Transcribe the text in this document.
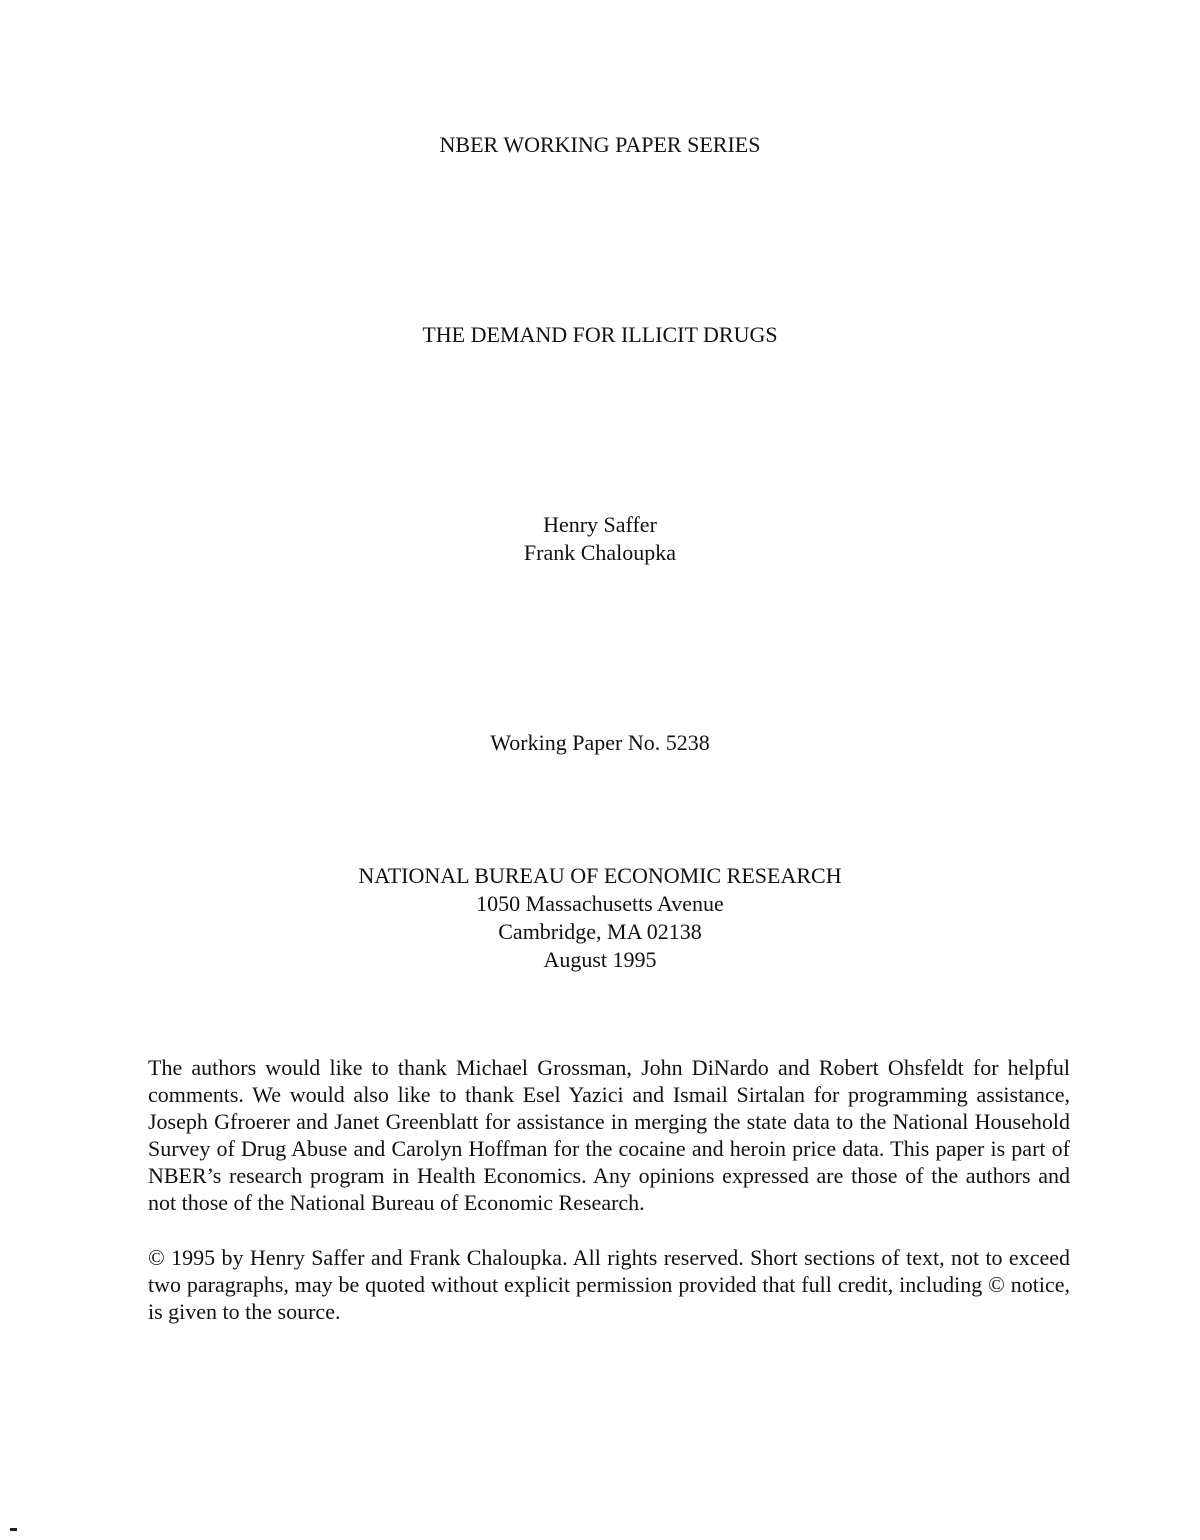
NBER WORKING PAPER SERIES
THE DEMAND FOR ILLICIT DRUGS
Henry Saffer
Frank Chaloupka
Working Paper No. 5238
NATIONAL BUREAU OF ECONOMIC RESEARCH
1050 Massachusetts Avenue
Cambridge, MA 02138
August 1995
The authors would like to thank Michael Grossman, John DiNardo and Robert Ohsfeldt for helpful comments. We would also like to thank Esel Yazici and Ismail Sirtalan for programming assistance, Joseph Gfroerer and Janet Greenblatt for assistance in merging the state data to the National Household Survey of Drug Abuse and Carolyn Hoffman for the cocaine and heroin price data. This paper is part of NBER’s research program in Health Economics. Any opinions expressed are those of the authors and not those of the National Bureau of Economic Research.
© 1995 by Henry Saffer and Frank Chaloupka. All rights reserved. Short sections of text, not to exceed two paragraphs, may be quoted without explicit permission provided that full credit, including © notice, is given to the source.
